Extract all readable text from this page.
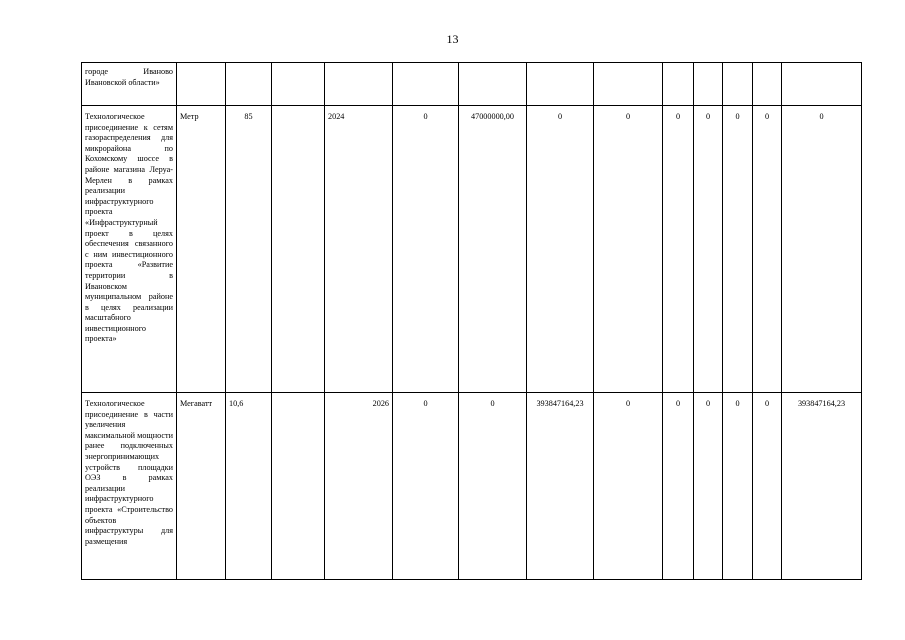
13
городе Иваново Ивановской области»													
Технологическое присоединение к сетям газораспределения для микрорайона по Кохомскому шоссе в районе магазина Леруа-Мерлен в рамках реализации инфраструктурного проекта «Инфраструктурный проект в целях обеспечения связанного с ним инвестиционного проекта «Развитие территории в Ивановском муниципальном районе в целях реализации масштабного инвестиционного проекта»	Метр	85		2024	0	47000000,00	0	0	0	0	0	0	0
Технологическое присоединение в части увеличения максимальной мощности ранее подключенных энергопринимающих устройств площадки ОЭЗ в рамках реализации инфраструктурного проекта «Строительство объектов инфраструктуры для размещения	Мегаватт	10,6		2026	0	0	393847164,23	0	0	0	0	0	393847164,23
